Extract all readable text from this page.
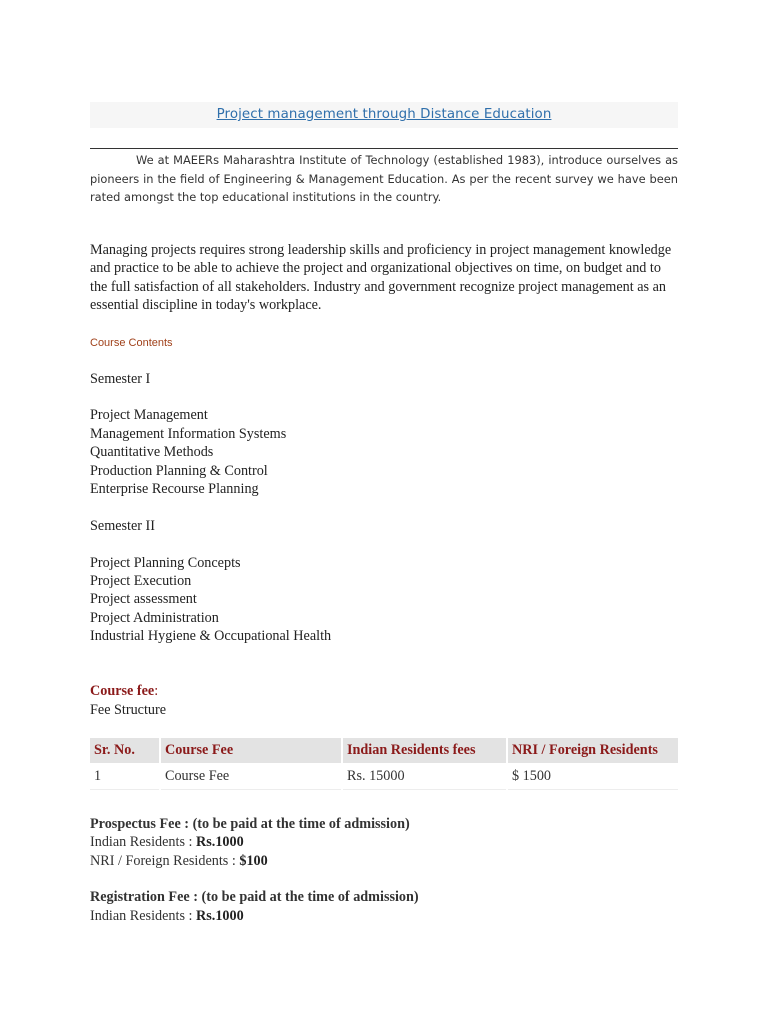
Project management through Distance Education

We at MAEERs Maharashtra Institute of Technology (established 1983), introduce ourselves as pioneers in the field of Engineering & Management Education. As per the recent survey we have been rated amongst the top educational institutions in the country.

Managing projects requires strong leadership skills and proficiency in project management knowledge and practice to be able to achieve the project and organizational objectives on time, on budget and to the full satisfaction of all stakeholders. Industry and government recognize project management as an essential discipline in today's workplace.

Course Contents
Semester I
Project Management
Management Information Systems
Quantitative Methods
Production Planning & Control
Enterprise Recourse Planning
Semester II
Project Planning Concepts
Project Execution
Project assessment
Project Administration
Industrial Hygiene & Occupational Health
Course fee:
Fee Structure
Sr. No.	Course Fee	Indian Residents fees	NRI / Foreign Residents
1	Course Fee	Rs. 15000	$ 1500
Prospectus Fee : (to be paid at the time of admission)
Indian Residents : Rs.1000
NRI / Foreign Residents : $100
Registration Fee : (to be paid at the time of admission)
Indian Residents : Rs.1000
